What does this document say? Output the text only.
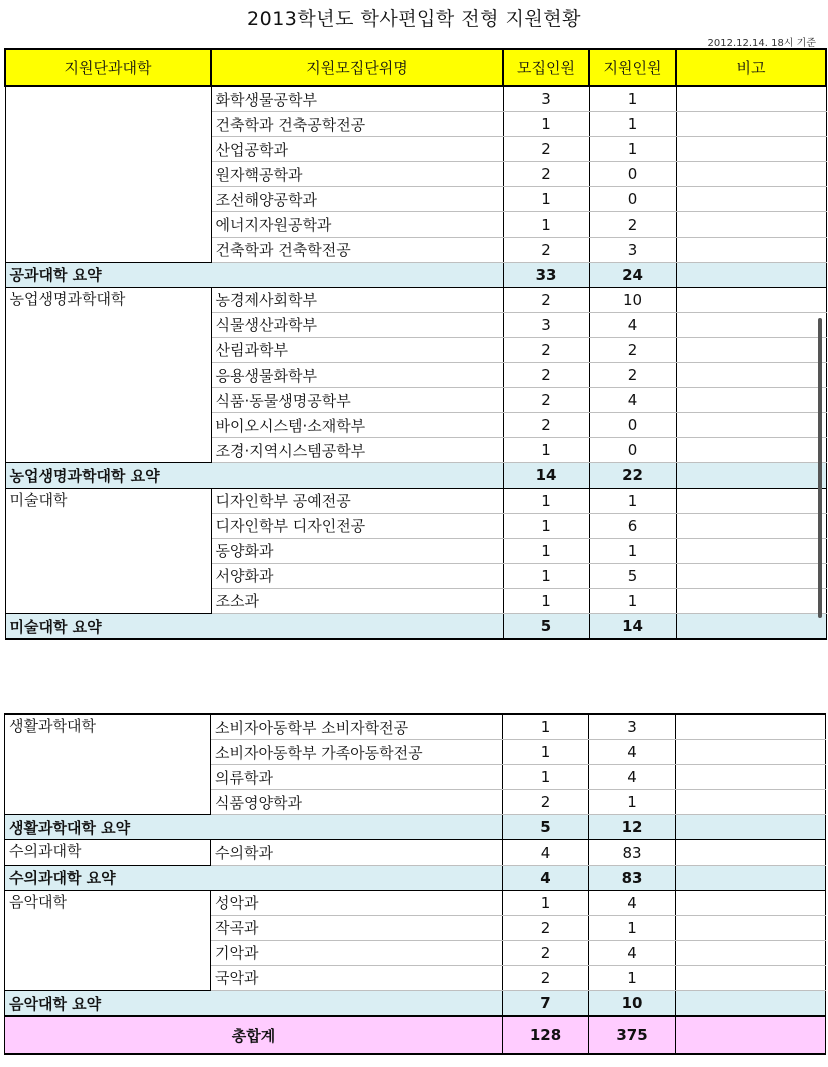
2013학년도 학사편입학 전형 지원현황
2012.12.14. 18시 기준
지원단과대학	지원모집단위명	모집인원	지원인원	비고
	화학생물공학부	3	1	
	건축학과 건축공학전공	1	1	
	산업공학과	2	1	
	원자핵공학과	2	0	
	조선해양공학과	1	0	
	에너지자원공학과	1	2	
	건축학과 건축학전공	2	3	
공과대학 요약		33	24	
농업생명과학대학	농경제사회학부	2	10	
	식물생산과학부	3	4	
	산림과학부	2	2	
	응용생물화학부	2	2	
	식품·동물생명공학부	2	4	
	바이오시스템·소재학부	2	0	
	조경·지역시스템공학부	1	0	
농업생명과학대학 요약		14	22	
미술대학	디자인학부 공예전공	1	1	
	디자인학부 디자인전공	1	6	
	동양화과	1	1	
	서양화과	1	5	
	조소과	1	1	
미술대학 요약		5	14	
생활과학대학	소비자아동학부 소비자학전공	1	3	
	소비자아동학부 가족아동학전공	1	4	
	의류학과	1	4	
	식품영양학과	2	1	
생활과학대학 요약		5	12	
수의과대학	수의학과	4	83	
수의과대학 요약		4	83	
음악대학	성악과	1	4	
	작곡과	2	1	
	기악과	2	4	
	국악과	2	1	
음악대학 요약		7	10	
총합계		128	375	
